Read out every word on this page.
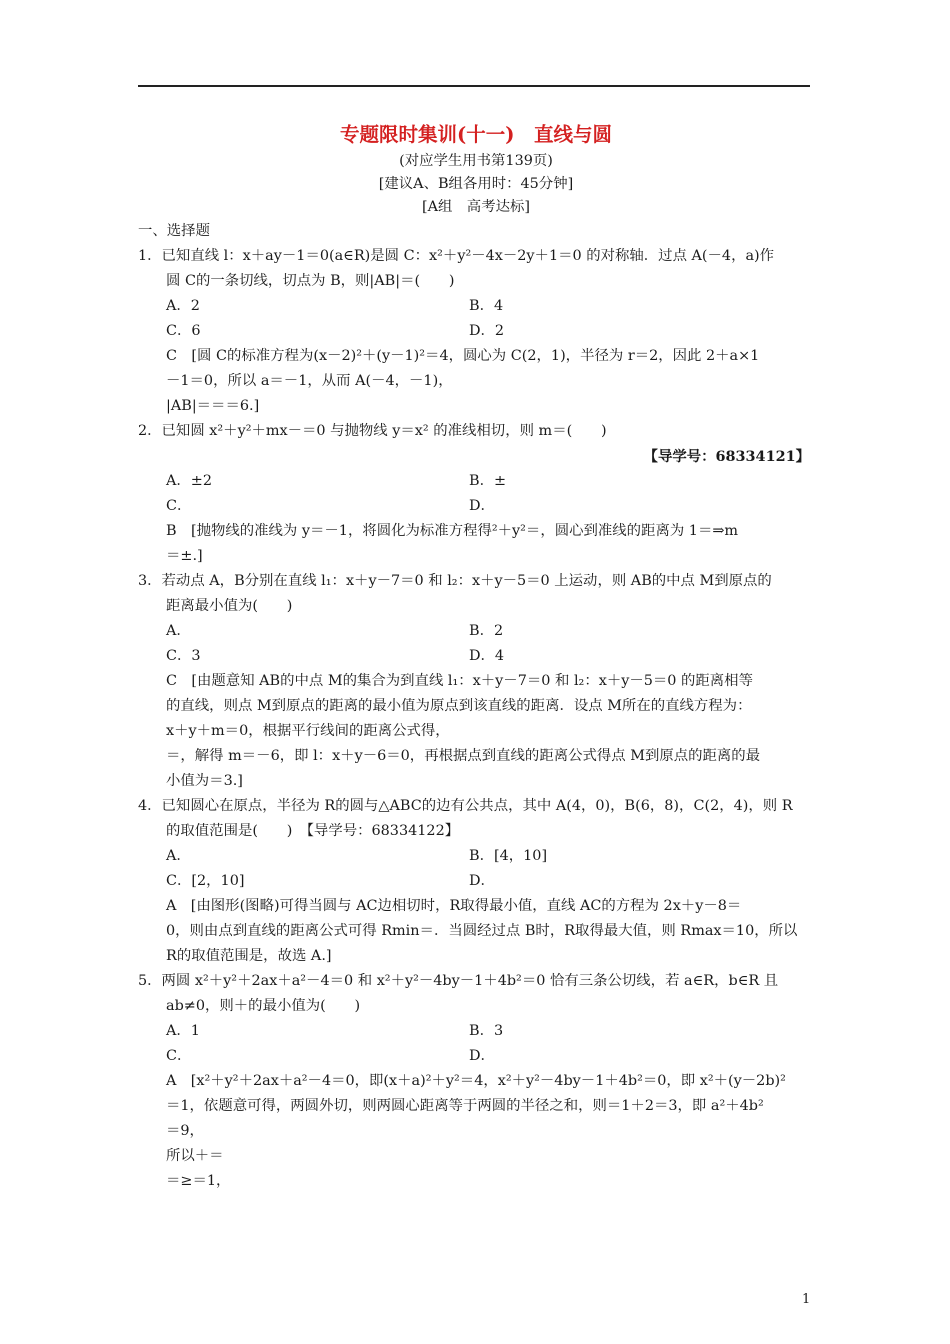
专题限时集训(十一)　直线与圆
(对应学生用书第139页)
[建议A、B组各用时：45分钟]
[A组　高考达标]
一、选择题
1．已知直线 l：x＋ay－1＝0(a∈R)是圆 C：x²＋y²－4x－2y＋1＝0 的对称轴．过点 A(－4，a)作
圆 C的一条切线，切点为 B，则|AB|＝(　　)
A．2	B．4
C．6	D．2
C　[圆 C的标准方程为(x－2)²＋(y－1)²＝4，圆心为 C(2，1)，半径为 r＝2，因此 2＋a×1
－1＝0，所以 a＝－1，从而 A(－4，－1)，
|AB|＝＝＝6.]
2．已知圆 x²＋y²＋mx－＝0 与抛物线 y＝x² 的准线相切，则 m＝(　　)
【导学号：68334121】
A．±2	B．±
C．	D．
B　[抛物线的准线为 y＝－1，将圆化为标准方程得²＋y²＝，圆心到准线的距离为 1＝⇒m
＝±.]
3．若动点 A，B分别在直线 l₁：x＋y－7＝0 和 l₂：x＋y－5＝0 上运动，则 AB的中点 M到原点的
距离最小值为(　　)
A．	B．2
C．3	D．4
C　[由题意知 AB的中点 M的集合为到直线 l₁：x＋y－7＝0 和 l₂：x＋y－5＝0 的距离相等
的直线，则点 M到原点的距离的最小值为原点到该直线的距离．设点 M所在的直线方程为：
x＋y＋m＝0，根据平行线间的距离公式得，
＝，解得 m＝－6，即 l：x＋y－6＝0，再根据点到直线的距离公式得点 M到原点的距离的最
小值为＝3.]
4．已知圆心在原点，半径为 R的圆与△ABC的边有公共点，其中 A(4，0)，B(6，8)，C(2，4)，则 R
的取值范围是(　　)　【导学号：68334122】
A．	B．[4，10]
C．[2，10]	D．
A　[由图形(图略)可得当圆与 AC边相切时，R取得最小值，直线 AC的方程为 2x＋y－8＝
0，则由点到直线的距离公式可得 Rmin＝．当圆经过点 B时，R取得最大值，则 Rmax＝10，所以
R的取值范围是，故选 A.]
5．两圆 x²＋y²＋2ax＋a²－4＝0 和 x²＋y²－4by－1＋4b²＝0 恰有三条公切线，若 a∈R，b∈R 且
ab≠0，则＋的最小值为(　　)
A．1	B．3
C．	D．
A　[x²＋y²＋2ax＋a²－4＝0，即(x＋a)²＋y²＝4，x²＋y²－4by－1＋4b²＝0，即 x²＋(y－2b)²
＝1，依题意可得，两圆外切，则两圆心距离等于两圆的半径之和，则＝1＋2＝3，即 a²＋4b²
＝9，
所以＋＝
＝≥＝1，
1
